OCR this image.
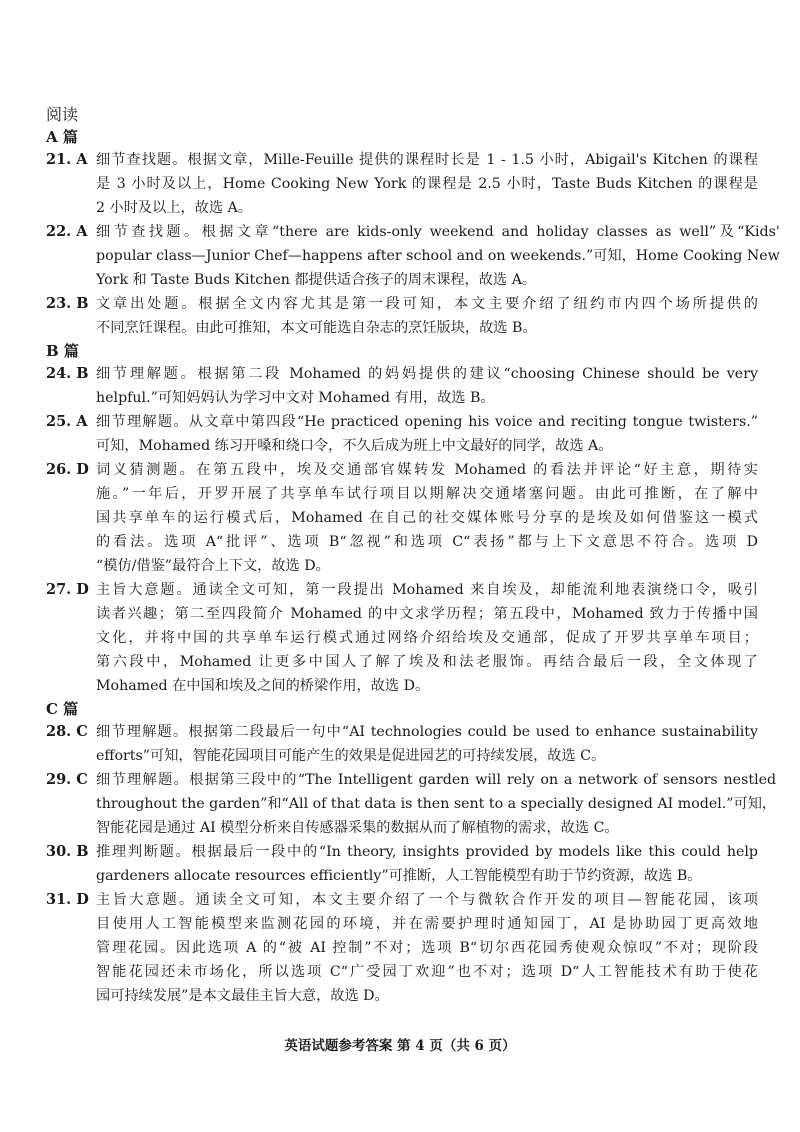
阅读
A 篇
21. A 细节查找题。根据文章，Mille-Feuille 提供的课程时长是 1 - 1.5 小时，Abigail's Kitchen 的课程
是 3 小时及以上，Home Cooking New York 的课程是 2.5 小时，Taste Buds Kitchen 的课程是
2 小时及以上，故选 A。
22. A 细节查找题。根据文章“there are kids-only weekend and holiday classes as well”及“Kids'
popular class—Junior Chef—happens after school and on weekends.”可知，Home Cooking New
York 和 Taste Buds Kitchen 都提供适合孩子的周末课程，故选 A。
23. B 文章出处题。根据全文内容尤其是第一段可知，本文主要介绍了纽约市内四个场所提供的
不同烹饪课程。由此可推知，本文可能选自杂志的烹饪版块，故选 B。
B 篇
24. B 细节理解题。根据第二段 Mohamed 的妈妈提供的建议“choosing Chinese should be very
helpful.”可知妈妈认为学习中文对 Mohamed 有用，故选 B。
25. A 细节理解题。从文章中第四段“He practiced opening his voice and reciting tongue twisters.”
可知，Mohamed 练习开嗓和绕口令，不久后成为班上中文最好的同学，故选 A。
26. D 词义猜测题。在第五段中，埃及交通部官媒转发 Mohamed 的看法并评论“好主意，期待实
施。”一年后，开罗开展了共享单车试行项目以期解决交通堵塞问题。由此可推断，在了解中
国共享单车的运行模式后，Mohamed 在自己的社交媒体账号分享的是埃及如何借鉴这一模式
的看法。选项 A“批评”、选项 B“忽视”和选项 C“表扬”都与上下文意思不符合。选项 D
“模仿/借鉴”最符合上下文，故选 D。
27. D 主旨大意题。通读全文可知，第一段提出 Mohamed 来自埃及，却能流利地表演绕口令，吸引
读者兴趣；第二至四段简介 Mohamed 的中文求学历程；第五段中，Mohamed 致力于传播中国
文化，并将中国的共享单车运行模式通过网络介绍给埃及交通部，促成了开罗共享单车项目；
第六段中，Mohamed 让更多中国人了解了埃及和法老服饰。再结合最后一段，全文体现了
Mohamed 在中国和埃及之间的桥梁作用，故选 D。
C 篇
28. C 细节理解题。根据第二段最后一句中“AI technologies could be used to enhance sustainability
efforts”可知，智能花园项目可能产生的效果是促进园艺的可持续发展，故选 C。
29. C 细节理解题。根据第三段中的“The Intelligent garden will rely on a network of sensors nestled
throughout the garden”和“All of that data is then sent to a specially designed AI model.”可知，
智能花园是通过 AI 模型分析来自传感器采集的数据从而了解植物的需求，故选 C。
30. B 推理判断题。根据最后一段中的“In theory, insights provided by models like this could help
gardeners allocate resources efficiently”可推断，人工智能模型有助于节约资源，故选 B。
31. D 主旨大意题。通读全文可知，本文主要介绍了一个与微软合作开发的项目—智能花园，该项
目使用人工智能模型来监测花园的环境，并在需要护理时通知园丁，AI 是协助园丁更高效地
管理花园。因此选项 A 的“被 AI 控制”不对；选项 B“切尔西花园秀使观众惊叹”不对；现阶段
智能花园还未市场化，所以选项 C“广受园丁欢迎”也不对；选项 D“人工智能技术有助于使花
园可持续发展”是本文最佳主旨大意，故选 D。
英语试题参考答案 第 4 页（共 6 页）
